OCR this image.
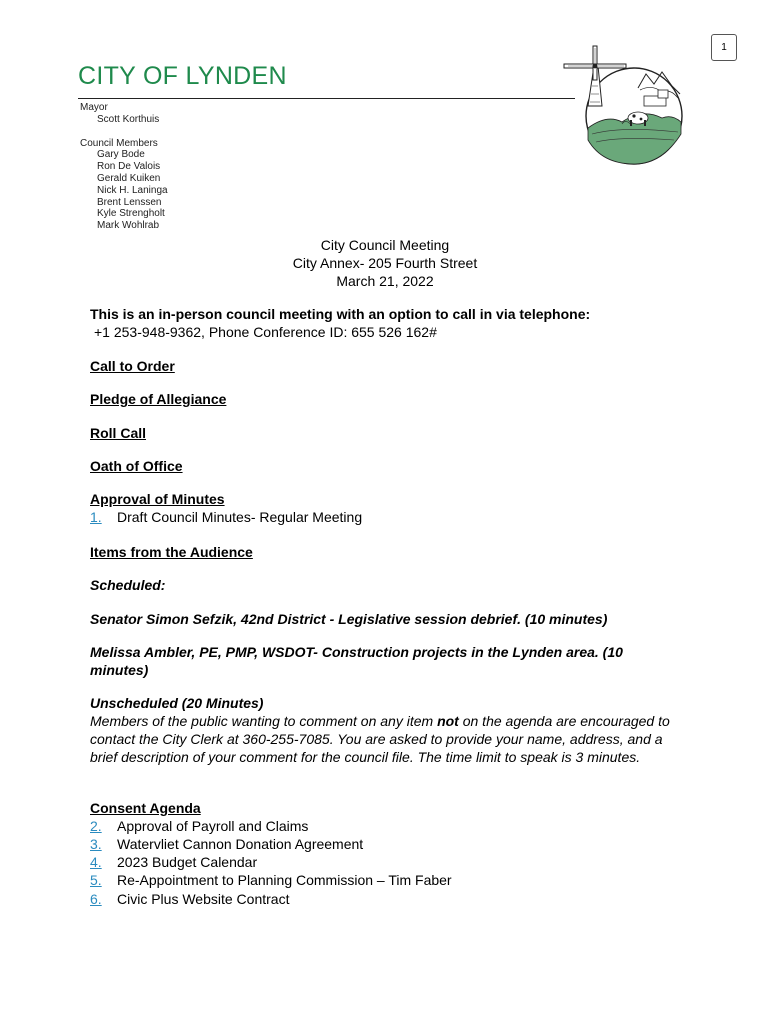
1
CITY OF LYNDEN
Mayor
Scott Korthuis
Council Members
Gary Bode
Ron De Valois
Gerald Kuiken
Nick H. Laninga
Brent Lenssen
Kyle Strengholt
Mark Wohlrab
City Council Meeting
City Annex- 205 Fourth Street
March 21, 2022
This is an in-person council meeting with an option to call in via telephone:
+1 253-948-9362, Phone Conference ID: 655 526 162#
Call to Order
Pledge of Allegiance
Roll Call
Oath of Office
Approval of Minutes
1.	Draft Council Minutes- Regular Meeting
Items from the Audience
Scheduled:
Senator Simon Sefzik, 42nd District - Legislative session debrief. (10 minutes)
Melissa Ambler, PE, PMP, WSDOT- Construction projects in the Lynden area. (10
minutes)
Unscheduled (20 Minutes)
Members of the public wanting to comment on any item not on the agenda are encouraged to contact the City Clerk at 360-255-7085. You are asked to provide your name, address, and a brief description of your comment for the council file. The time limit to speak is 3 minutes.
Consent Agenda
2.	Approval of Payroll and Claims
3.	Watervliet Cannon Donation Agreement
4.	2023 Budget Calendar
5.	Re-Appointment to Planning Commission – Tim Faber
6.	Civic Plus Website Contract
